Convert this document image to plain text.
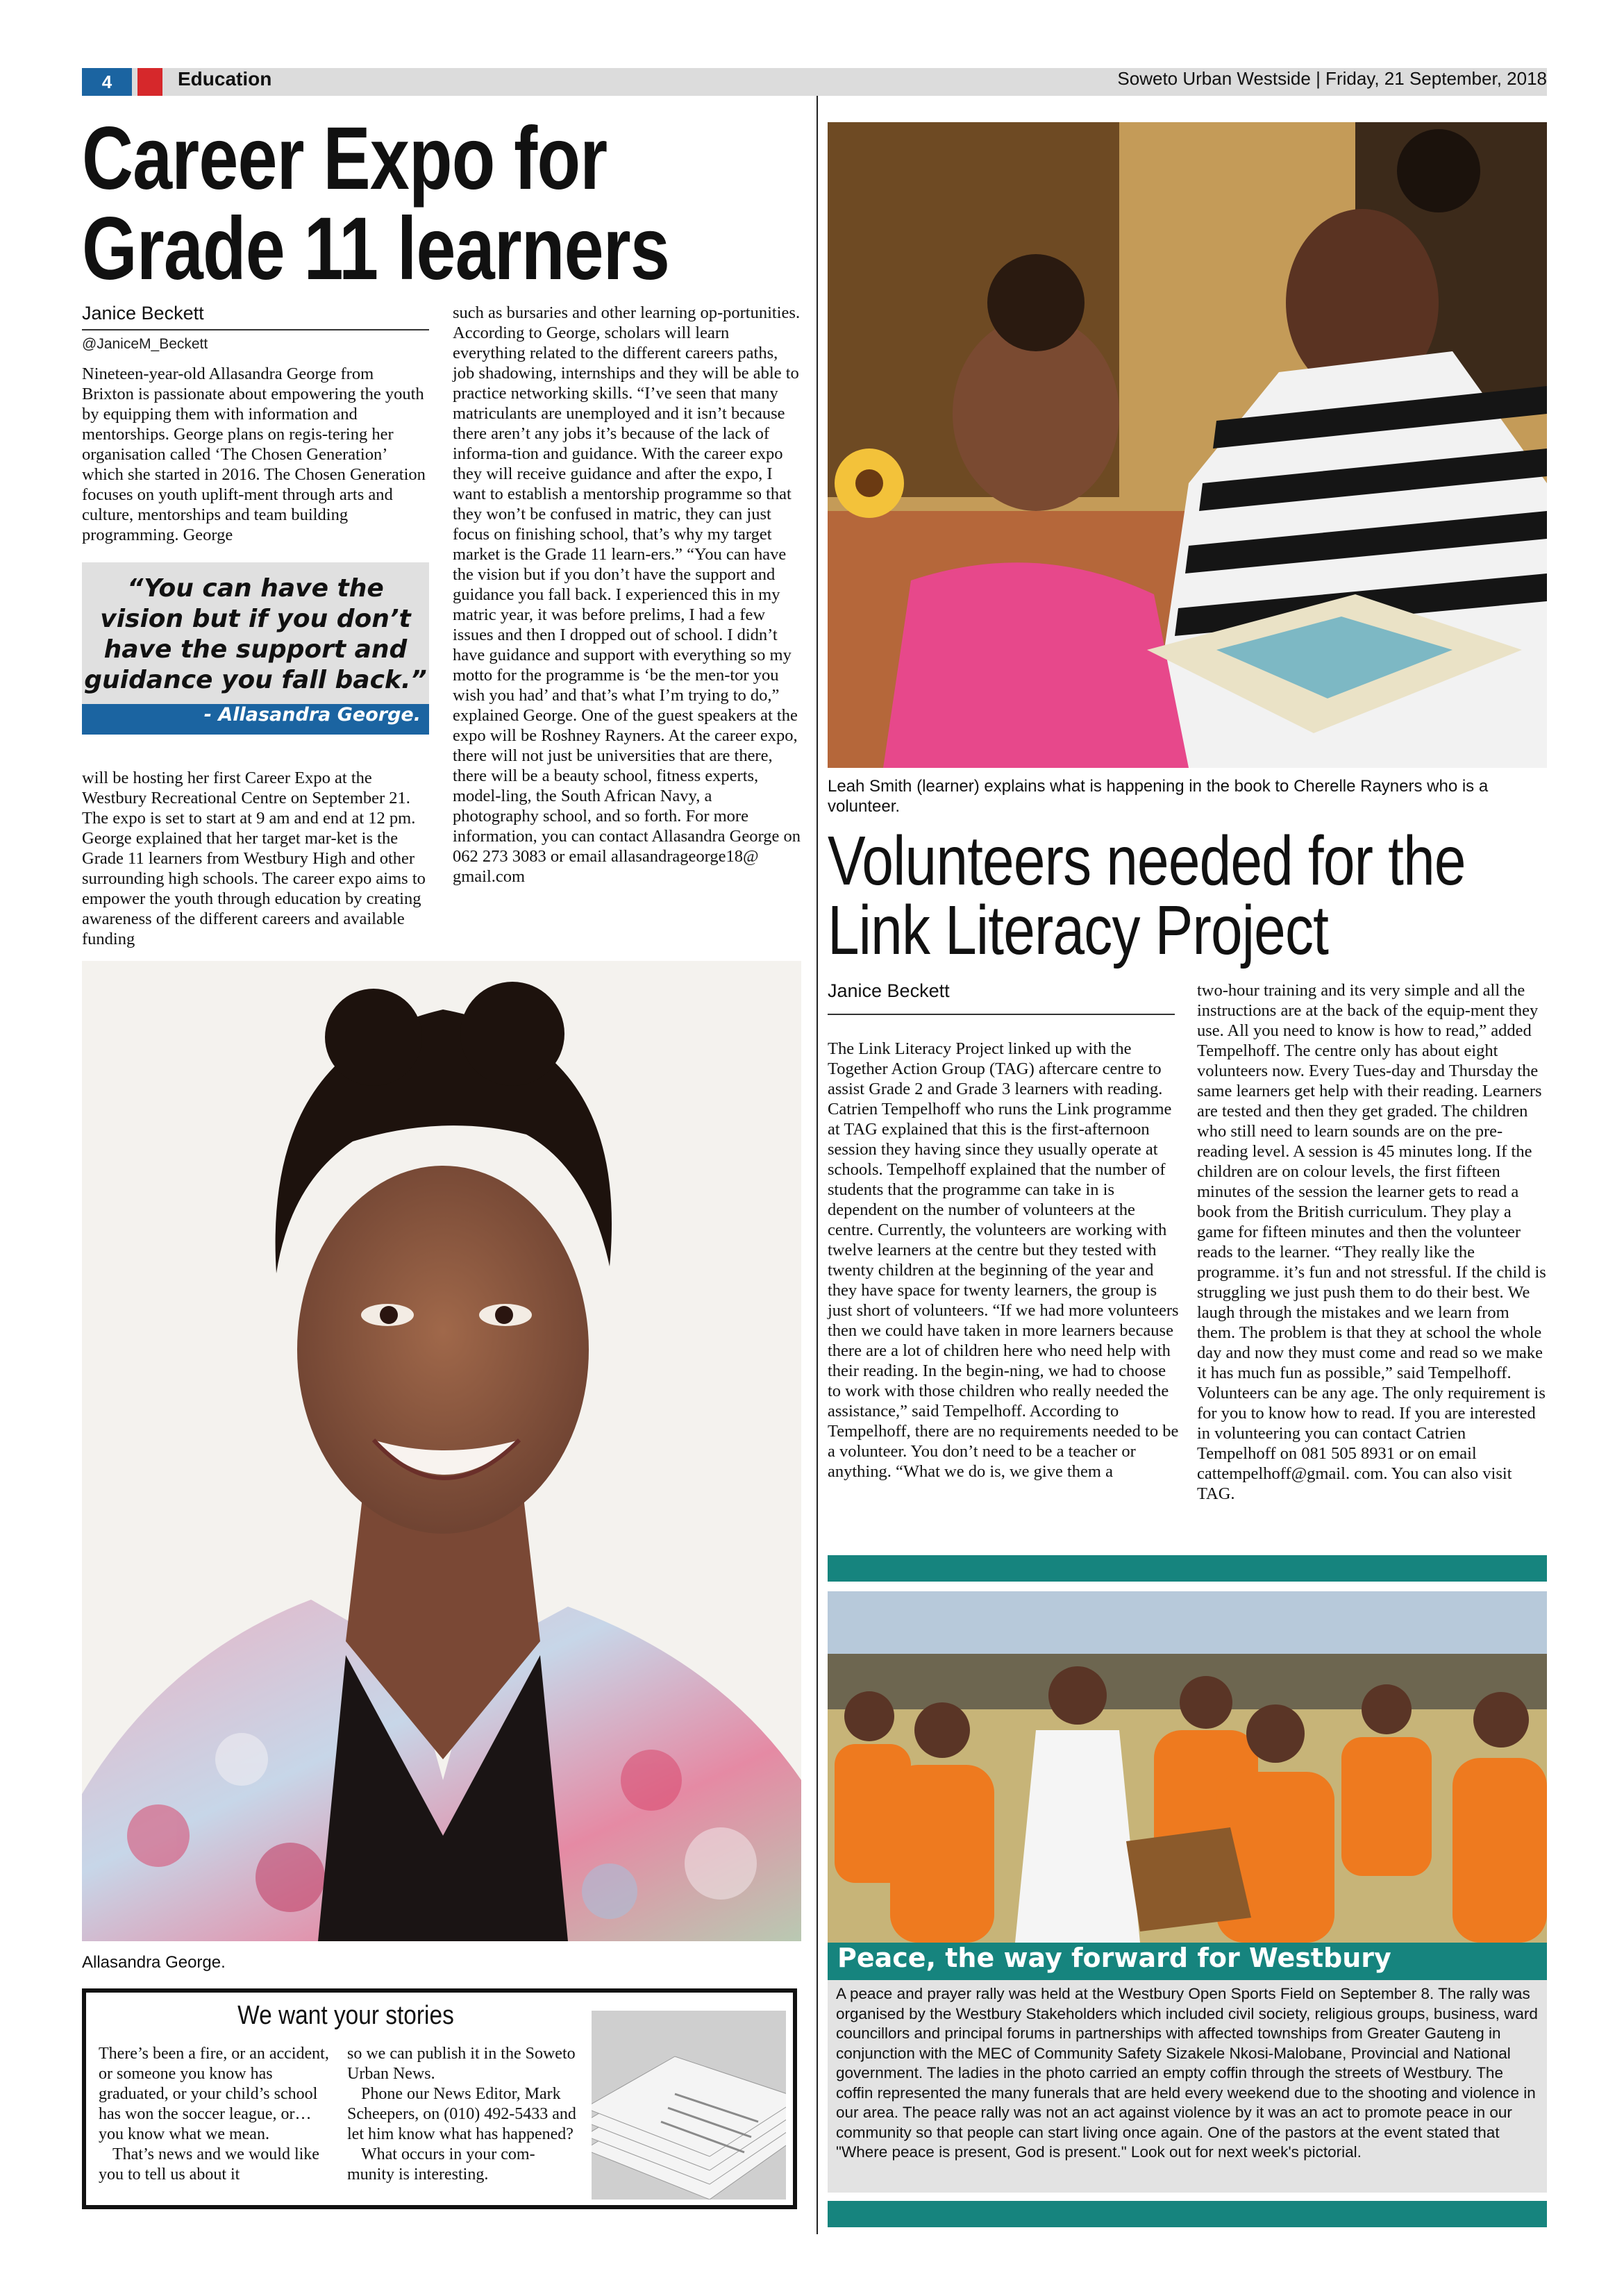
4	Education	Soweto Urban Westside | Friday, 21 September, 2018
Career Expo for
Grade 11 learners
Janice Beckett
@JaniceM_Beckett

Nineteen-year-old Allasandra George from Brixton is passionate about empowering the youth by equipping them with information and mentorships. George plans on regis-tering her organisation called ‘The Chosen Generation’ which she started in 2016. The Chosen Generation focuses on youth uplift-ment through arts and culture, mentorships and team building programming. George

“You can have the vision but if you don’t have the support and guidance you fall back.”
- Allasandra George.

will be hosting her first Career Expo at the Westbury Recreational Centre on September 21. The expo is set to start at 9 am and end at 12 pm. George explained that her target mar-ket is the Grade 11 learners from Westbury High and other surrounding high schools. The career expo aims to empower the youth through education by creating awareness of the different careers and available funding

such as bursaries and other learning op-portunities. According to George, scholars will learn everything related to the different careers paths, job shadowing, internships and they will be able to practice networking skills. “I’ve seen that many matriculants are unemployed and it isn’t because there aren’t any jobs it’s because of the lack of informa-tion and guidance. With the career expo they will receive guidance and after the expo, I want to establish a mentorship programme so that they won’t be confused in matric, they can just focus on finishing school, that’s why my target market is the Grade 11 learn-ers.” “You can have the vision but if you don’t have the support and guidance you fall back. I experienced this in my matric year, it was before prelims, I had a few issues and then I dropped out of school. I didn’t have guidance and support with everything so my motto for the programme is ‘be the men-tor you wish you had’ and that’s what I’m trying to do,” explained George. One of the guest speakers at the expo will be Roshney Rayners. At the career expo, there will not just be universities that are there, there will be a beauty school, fitness experts, model-ling, the South African Navy, a photography school, and so forth. For more information, you can contact Allasandra George on 062 273 3083 or email allasandrageorge18@ gmail.com

Allasandra George.
We want your stories

There’s been a fire, or an accident, or someone you know has graduated, or your child’s school has won the soccer league, or… you know what we mean.

That’s news and we would like you to tell us about it

so we can publish it in the Soweto Urban News.

Phone our News Editor, Mark Scheepers, on (010) 492-5433 and let him know what has happened?

What occurs in your com-munity is interesting.

Leah Smith (learner) explains what is happening in the book to Cherelle Rayners who is a volunteer.
Volunteers needed for the
Link Literacy Project
Janice Beckett

The Link Literacy Project linked up with the Together Action Group (TAG) aftercare centre to assist Grade 2 and Grade 3 learners with reading. Catrien Tempelhoff who runs the Link programme at TAG explained that this is the first-afternoon session they having since they usually operate at schools. Tempelhoff explained that the number of students that the programme can take in is dependent on the number of volunteers at the centre. Currently, the volunteers are working with twelve learners at the centre but they tested with twenty children at the beginning of the year and they have space for twenty learners, the group is just short of volunteers. “If we had more volunteers then we could have taken in more learners because there are a lot of children here who need help with their reading. In the begin-ning, we had to choose to work with those children who really needed the assistance,” said Tempelhoff. According to Tempelhoff, there are no requirements needed to be a volunteer. You don’t need to be a teacher or anything. “What we do is, we give them a

two-hour training and its very simple and all the instructions are at the back of the equip-ment they use. All you need to know is how to read,” added Tempelhoff. The centre only has about eight volunteers now. Every Tues-day and Thursday the same learners get help with their reading. Learners are tested and then they get graded. The children who still need to learn sounds are on the pre-reading level. A session is 45 minutes long. If the children are on colour levels, the first fifteen minutes of the session the learner gets to read a book from the British curriculum. They play a game for fifteen minutes and then the volunteer reads to the learner. “They really like the programme. it’s fun and not stressful. If the child is struggling we just push them to do their best. We laugh through the mistakes and we learn from them. The problem is that they at school the whole day and now they must come and read so we make it has much fun as possible,” said Tempelhoff. Volunteers can be any age. The only requirement is for you to know how to read. If you are interested in volunteering you can contact Catrien Tempelhoff on 081 505 8931 or on email cattempelhoff@gmail. com. You can also visit TAG.

Peace, the way forward for Westbury
A peace and prayer rally was held at the Westbury Open Sports Field on September 8. The rally was organised by the Westbury Stakeholders which included civil society, religious groups, business, ward councillors and principal forums in partnerships with affected townships from Greater Gauteng in conjunction with the MEC of Community Safety Sizakele Nkosi-Malobane, Provincial and National government. The ladies in the photo carried an empty coffin through the streets of Westbury. The coffin represented the many funerals that are held every weekend due to the shooting and violence in our area. The peace rally was not an act against violence by it was an act to promote peace in our community so that people can start living once again. One of the pastors at the event stated that "Where peace is present, God is present." Look out for next week's pictorial.
